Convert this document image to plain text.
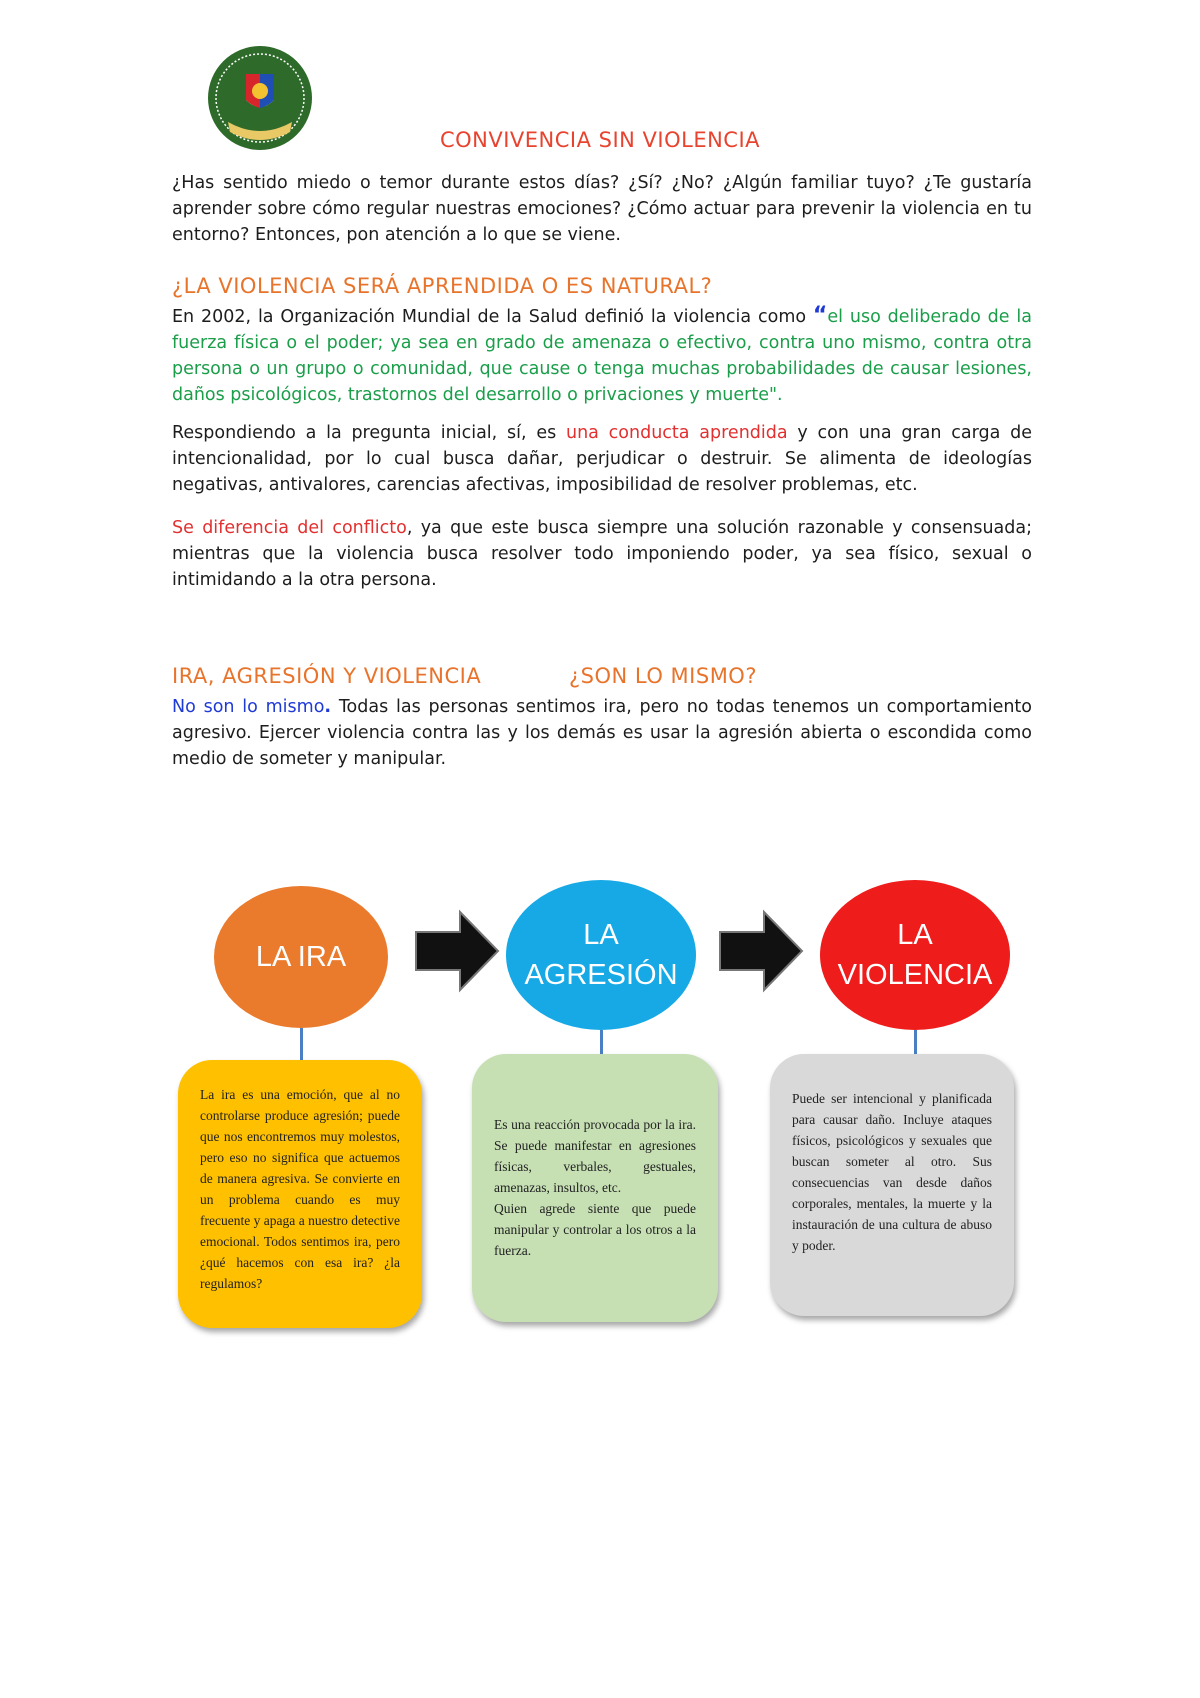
CONVIVENCIA SIN VIOLENCIA
¿Has sentido miedo o temor durante estos días? ¿Sí? ¿No? ¿Algún familiar tuyo? ¿Te gustaría aprender sobre cómo regular nuestras emociones? ¿Cómo actuar para prevenir la violencia en tu entorno? Entonces, pon atención a lo que se viene.
¿LA VIOLENCIA SERÁ APRENDIDA O ES NATURAL?
En 2002, la Organización Mundial de la Salud definió la violencia como “el uso deliberado de la fuerza física o el poder; ya sea en grado de amenaza o efectivo, contra uno mismo, contra otra persona o un grupo o comunidad, que cause o tenga muchas probabilidades de causar lesiones, daños psicológicos, trastornos del desarrollo o privaciones y muerte".
Respondiendo a la pregunta inicial, sí, es una conducta aprendida y con una gran carga de intencionalidad, por lo cual busca dañar, perjudicar o destruir. Se alimenta de ideologías negativas, antivalores, carencias afectivas, imposibilidad de resolver problemas, etc.
Se diferencia del conflicto, ya que este busca siempre una solución razonable y consensuada; mientras que la violencia busca resolver todo imponiendo poder, ya sea físico, sexual o intimidando a la otra persona.
IRA, AGRESIÓN Y VIOLENCIA	¿SON LO MISMO?
No son lo mismo. Todas las personas sentimos ira, pero no todas tenemos un comportamiento agresivo. Ejercer violencia contra las y los demás es usar la agresión abierta o escondida como medio de someter y manipular.
LA IRA
LA
AGRESIÓN
LA
VIOLENCIA
La ira es una emoción, que al no controlarse produce agresión; puede que nos encontremos muy molestos, pero eso no significa que actuemos de manera agresiva. Se convierte en un problema cuando es muy frecuente y apaga a nuestro detective emocional. Todos sentimos ira, pero ¿qué hacemos con esa ira? ¿la regulamos?
Es una reacción provocada por la ira. Se puede manifestar en agresiones físicas, verbales, gestuales, amenazas, insultos, etc.
Quien agrede siente que puede manipular y controlar a los otros a la fuerza.
Puede ser intencional y planificada para causar daño. Incluye ataques físicos, psicológicos y sexuales que buscan someter al otro. Sus consecuencias van desde daños corporales, mentales, la muerte y la instauración de una cultura de abuso y poder.
